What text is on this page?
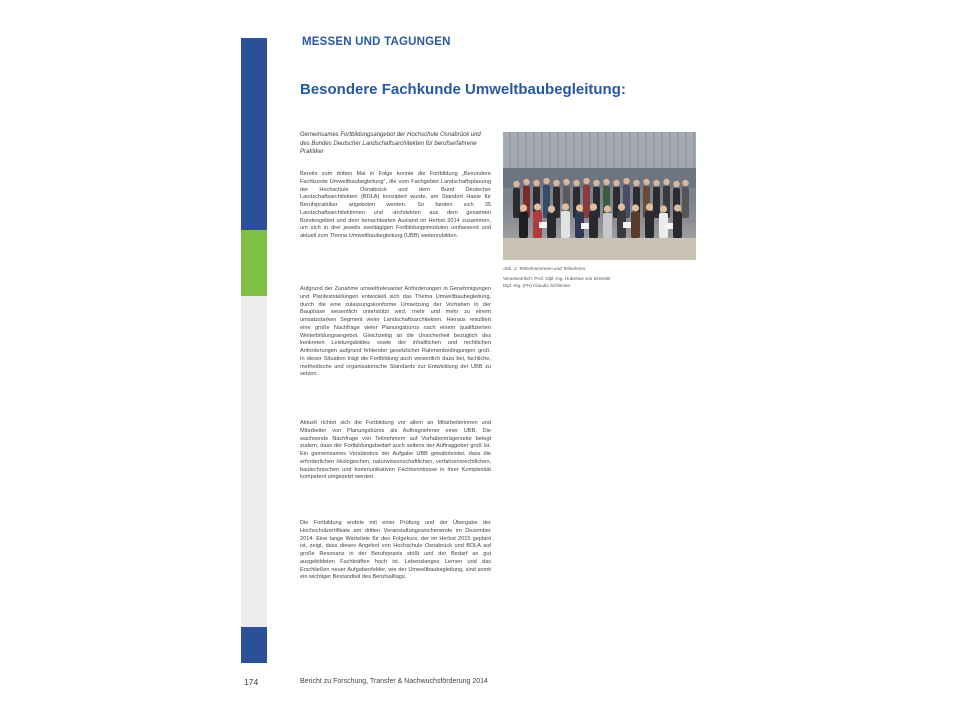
MESSEN UND TAGUNGEN
Besondere Fachkunde Umweltbaubegleitung:
Gemeinsames Fortbildungsangebot der Hochschule Osnabrück und des Bundes Deutscher Landschaftsarchitekten für berufserfahrene Praktiker

Bereits zum dritten Mal in Folge konnte die Fortbildung „Besondere Fachkunde Umweltbaubegleitung“, die vom Fachgebiet Landschaftsplanung der Hochschule Osnabrück und dem Bund Deutscher Landschaftsarchitekten (BDLA) konzipiert wurde, am Standort Haste für Berufspraktiker angeboten werden. So fanden sich 35 Landschaftsarchitektinnen und -architekten aus dem gesamten Bundesgebiet und dem benachbarten Ausland im Herbst 2014 zusammen, um sich in drei jeweils zweitägigen Fortbildungsmodulen umfassend und aktuell zum Thema Umweltbaubegleitung (UBB) weiterzubilden.

Aufgrund der Zunahme umweltrelevanter Anforderungen in Genehmigungen und Planfeststellungen entwickelt sich das Thema Umweltbaubegleitung, durch die eine zulassungskonforme Umsetzung der Vorhaben in der Bauphase wesentlich unterstützt wird, mehr und mehr zu einem umsatzstarken Segment vieler Landschaftsarchitekten. Hieraus resultiert eine große Nachfrage vieler Planungsbüros nach einem qualifizierten Weiterbildungsangebot. Gleichzeitig ist die Unsicherheit bezüglich des konkreten Leistungsbildes sowie der inhaltlichen und rechtlichen Anforderungen aufgrund fehlender gesetzlicher Rahmenbedingungen groß. In dieser Situation trägt die Fortbildung auch wesentlich dazu bei, fachliche, methodische und organisatorische Standards zur Entwicklung der UBB zu setzen.

Aktuell richtet sich die Fortbildung vor allem an Mitarbeiterinnen und Mitarbeiter von Planungsbüros als Auftragnehmer einer UBB. Die wachsende Nachfrage von Teilnehmern auf Vorhabenträgerseite belegt zudem, dass der Fortbildungsbedarf auch seitens der Auftraggeber groß ist. Ein gemeinsames Verständnis der Aufgabe UBB gewährleistet, dass die erforderlichen ökologischen, naturwissenschaftlichen, verfahrensrechtlichen, bautechnischen und kommunikativen Fachkenntnisse in ihrer Komplexität kompetent umgesetzt werden.

Die Fortbildung endete mit einer Prüfung und der Übergabe der Hochschulzertifikate am dritten Veranstaltungswochenende im Dezember 2014. Eine lange Warteliste für den Folgekurs, der im Herbst 2015 geplant ist, zeigt, dass dieses Angebot von Hochschule Osnabrück und BDLA auf große Resonanz in der Berufspraxis stößt und der Bedarf an gut ausgebildeten Fachkräften hoch ist. Lebenslanges Lernen und das Erschließen neuer Aufgabenfelder, wie der Umweltbaubegleitung, sind somit ein wichtiger Bestandteil des Berufsalltags.

Abb. 1: Teilnehmerinnen und Teilnehmer
Verantwortlich: Prof. Dipl.-Ing. Hubertus von Dressler
Dipl.-Ing. (FH) Claudia Schliemer
174	Bericht zu Forschung, Transfer & Nachwuchsförderung 2014
